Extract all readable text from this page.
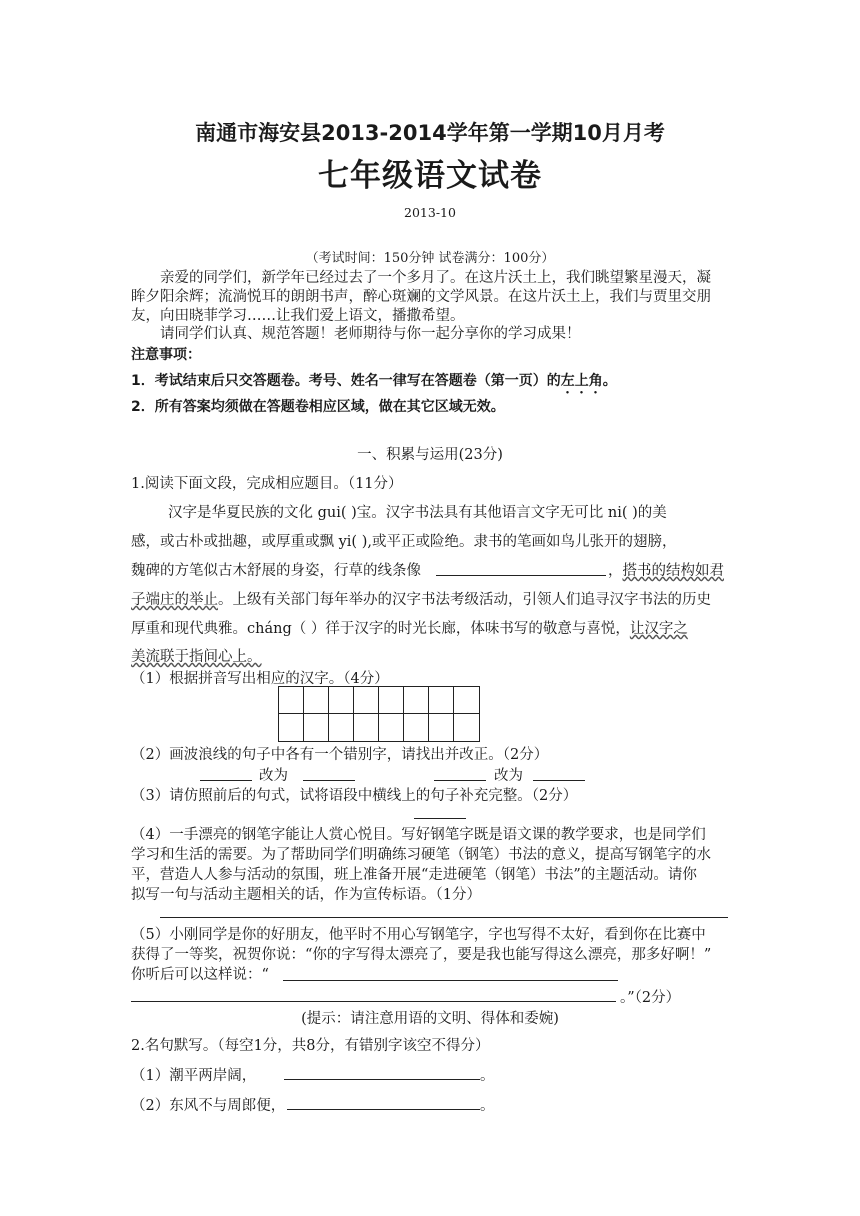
南通市海安县2013-2014学年第一学期10月月考
七年级语文试卷
2013-10
（考试时间：150分钟 试卷满分：100分）
亲爱的同学们，新学年已经过去了一个多月了。在这片沃土上，我们眺望繁星漫天，凝
眸夕阳余辉；流淌悦耳的朗朗书声，醉心斑斓的文学风景。在这片沃土上，我们与贾里交朋
友，向田晓菲学习……让我们爱上语文，播撒希望。
请同学们认真、规范答题！老师期待与你一起分享你的学习成果！
注意事项：
1．考试结束后只交答题卷。考号、姓名一律写在答题卷（第一页）的左上角。
2．所有答案均须做在答题卷相应区域，做在其它区域无效。
一、积累与运用(23分)
1.阅读下面文段，完成相应题目。（11分）
汉字是华夏民族的文化 gui( )宝。汉字书法具有其他语言文字无可比 ni( )的美
感，或古朴或拙趣，或厚重或飘 yi( ),或平正或险绝。隶书的笔画如鸟儿张开的翅膀，
魏碑的方笔似古木舒展的身姿，行草的线条像	，搭书的结构如君
子端庄的举止。上级有关部门每年举办的汉字书法考级活动，引领人们追寻汉字书法的历史
厚重和现代典雅。cháng（ ）徉于汉字的时光长廊，体味书写的敬意与喜悦，让汉字之
美流联于指间心上。
（1）根据拼音写出相应的汉字。（4分）
（2）画波浪线的句子中各有一个错别字，请找出并改正。（2分）
改为	改为
（3）请仿照前后的句式，试将语段中横线上的句子补充完整。（2分）
（4）一手漂亮的钢笔字能让人赏心悦目。写好钢笔字既是语文课的教学要求，也是同学们
学习和生活的需要。为了帮助同学们明确练习硬笔（钢笔）书法的意义，提高写钢笔字的水
平，营造人人参与活动的氛围，班上准备开展“走进硬笔（钢笔）书法”的主题活动。请你
拟写一句与活动主题相关的话，作为宣传标语。（1分）
（5）小刚同学是你的好朋友，他平时不用心写钢笔字，字也写得不太好，看到你在比赛中
获得了一等奖，祝贺你说：“你的字写得太漂亮了，要是我也能写得这么漂亮，那多好啊！”
你听后可以这样说：“
。”（2分）
(提示：请注意用语的文明、得体和委婉)
2.名句默写。（每空1分，共8分，有错别字该空不得分）
（1）潮平两岸阔，	。
（2）东风不与周郎便，	。
